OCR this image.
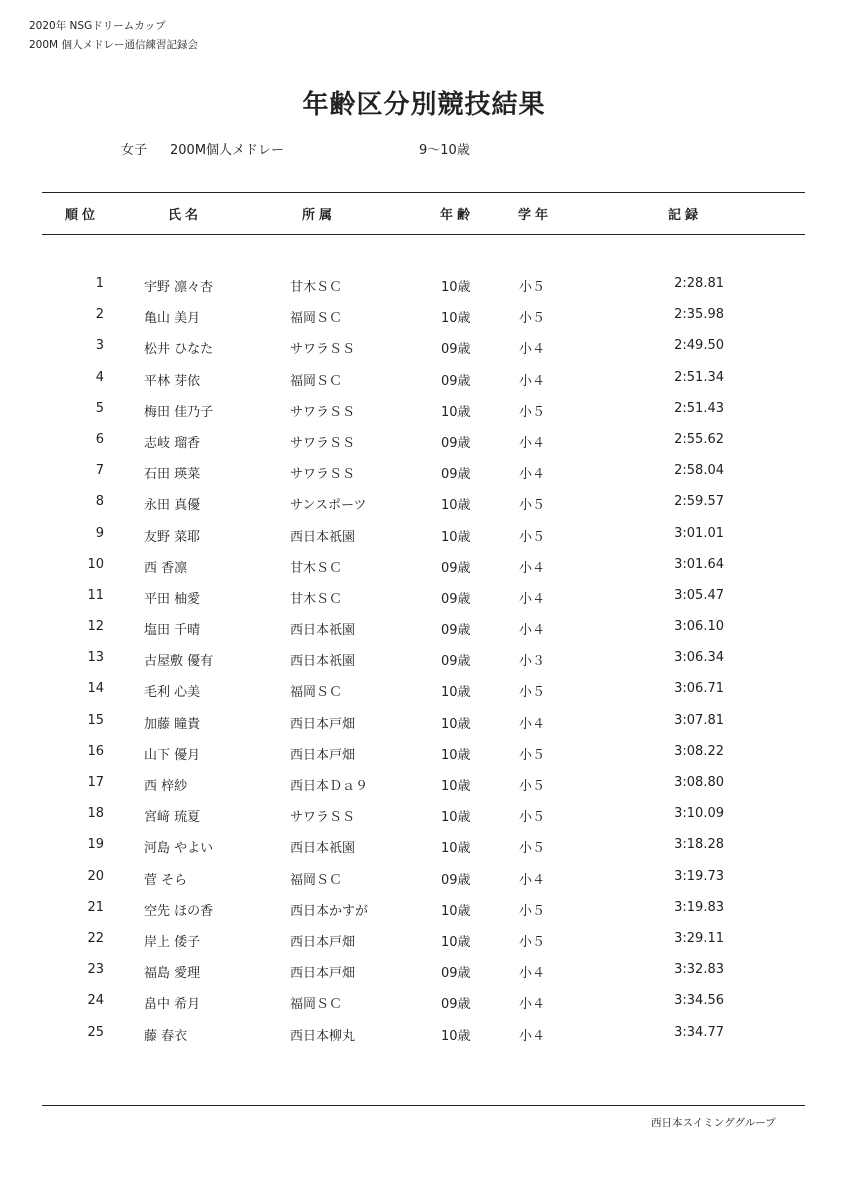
2020年 NSGドリームカップ
200M 個人メドレー通信練習記録会
年齢区分別競技結果
女子 200M個人メドレー	9〜10歳
順位	氏名	所属	年齢	学年	記録
1	宇野 凛々杏	甘木ＳＣ	10歳	小５	2:28.81
2	亀山 美月	福岡ＳＣ	10歳	小５	2:35.98
3	松井 ひなた	サワラＳＳ	09歳	小４	2:49.50
4	平林 芽依	福岡ＳＣ	09歳	小４	2:51.34
5	梅田 佳乃子	サワラＳＳ	10歳	小５	2:51.43
6	志岐 瑠香	サワラＳＳ	09歳	小４	2:55.62
7	石田 瑛菜	サワラＳＳ	09歳	小４	2:58.04
8	永田 真優	サンスポーツ	10歳	小５	2:59.57
9	友野 菜耶	西日本祇園	10歳	小５	3:01.01
10	西 香凛	甘木ＳＣ	09歳	小４	3:01.64
11	平田 柚愛	甘木ＳＣ	09歳	小４	3:05.47
12	塩田 千晴	西日本祇園	09歳	小４	3:06.10
13	古屋敷 優有	西日本祇園	09歳	小３	3:06.34
14	毛利 心美	福岡ＳＣ	10歳	小５	3:06.71
15	加藤 瞳貴	西日本戸畑	10歳	小４	3:07.81
16	山下 優月	西日本戸畑	10歳	小５	3:08.22
17	西 梓紗	西日本Ｄａ９	10歳	小５	3:08.80
18	宮﨑 琉夏	サワラＳＳ	10歳	小５	3:10.09
19	河島 やよい	西日本祇園	10歳	小５	3:18.28
20	菅 そら	福岡ＳＣ	09歳	小４	3:19.73
21	空先 ほの香	西日本かすが	10歳	小５	3:19.83
22	岸上 倭子	西日本戸畑	10歳	小５	3:29.11
23	福島 愛理	西日本戸畑	09歳	小４	3:32.83
24	畠中 希月	福岡ＳＣ	09歳	小４	3:34.56
25	藤 春衣	西日本柳丸	10歳	小４	3:34.77
西日本スイミンググループ
